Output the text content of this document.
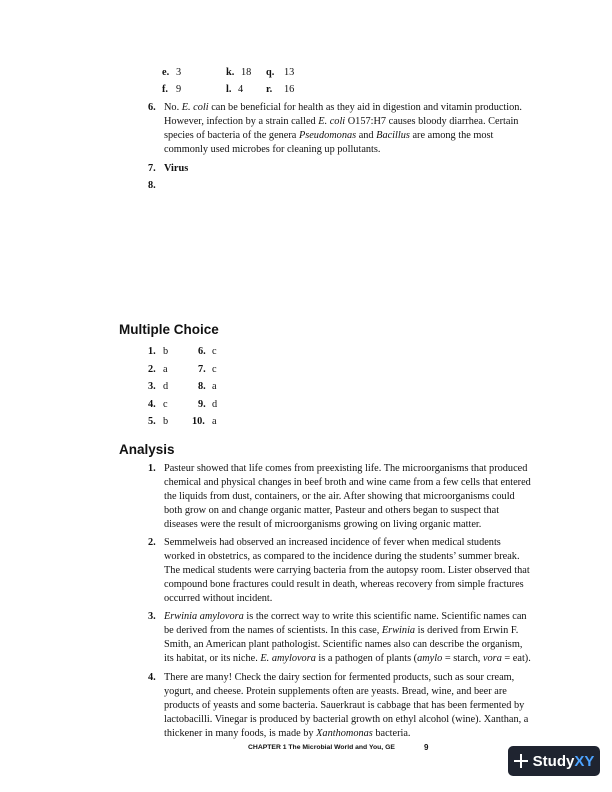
e. 3	k. 18 q. 13
f. 9	l. 4 r. 16
6. No. E. coli can be beneficial for health as they aid in digestion and vitamin production.
However, infection by a strain called E. coli O157:H7 causes bloody diarrhea. Certain
species of bacteria of the genera Pseudomonas and Bacillus are among the most
commonly used microbes for cleaning up pollutants.
7. Virus
8.
Multiple Choice
1. b	6. c
2. a	7. c
3. d	8. a
4. c	9. d
5. b 10. a
Analysis
1. Pasteur showed that life comes from preexisting life. The microorganisms that produced
chemical and physical changes in beef broth and wine came from a few cells that entered
the liquids from dust, containers, or the air. After showing that microorganisms could
both grow on and change organic matter, Pasteur and others began to suspect that
diseases were the result of microorganisms growing on living organic matter.
2. Semmelweis had observed an increased incidence of fever when medical students
worked in obstetrics, as compared to the incidence during the students’ summer break.
The medical students were carrying bacteria from the autopsy room. Lister observed that
compound bone fractures could result in death, whereas recovery from simple fractures
occurred without incident.
3. Erwinia amylovora is the correct way to write this scientific name. Scientific names can
be derived from the names of scientists. In this case, Erwinia is derived from Erwin F.
Smith, an American plant pathologist. Scientific names also can describe the organism,
its habitat, or its niche. E. amylovora is a pathogen of plants (amylo = starch, vora = eat).
4. There are many! Check the dairy section for fermented products, such as sour cream,
yogurt, and cheese. Protein supplements often are yeasts. Bread, wine, and beer are
products of yeasts and some bacteria. Sauerkraut is cabbage that has been fermented by
lactobacilli. Vinegar is produced by bacterial growth on ethyl alcohol (wine). Xanthan, a
thickener in many foods, is made by Xanthomonas bacteria.
CHAPTER 1 The Microbial World and You, GE	9
StudyXY
